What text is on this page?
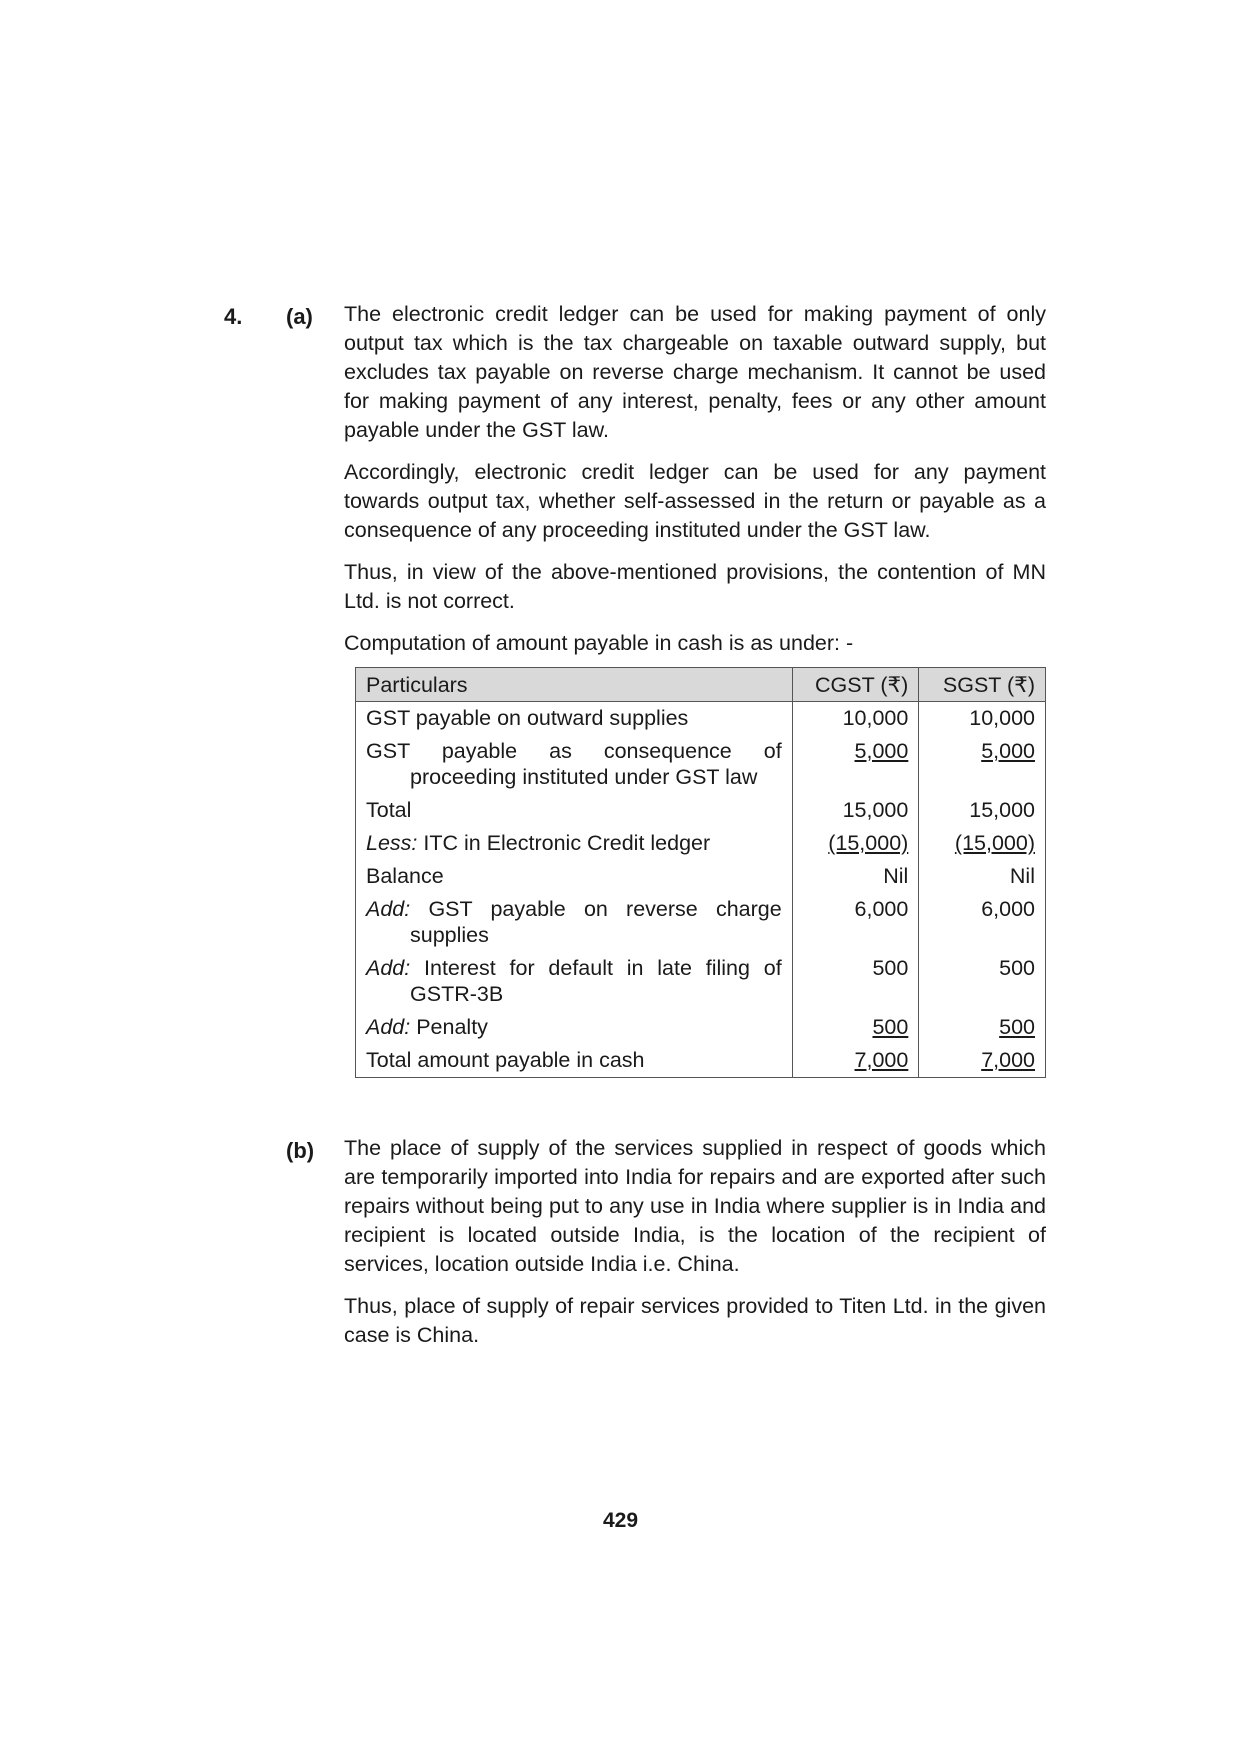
4. (a) The electronic credit ledger can be used for making payment of only output tax which is the tax chargeable on taxable outward supply, but excludes tax payable on reverse charge mechanism. It cannot be used for making payment of any interest, penalty, fees or any other amount payable under the GST law.

Accordingly, electronic credit ledger can be used for any payment towards output tax, whether self-assessed in the return or payable as a consequence of any proceeding instituted under the GST law.

Thus, in view of the above-mentioned provisions, the contention of MN Ltd. is not correct.

Computation of amount payable in cash is as under: -

Particulars	CGST (₹)	SGST (₹)

GST payable on outward supplies	10,000	10,000

GST payable as consequence of proceeding instituted under GST law	5,000	5,000

Total	15,000	15,000

Less: ITC in Electronic Credit ledger	(15,000)	(15,000)

Balance	Nil	Nil

Add: GST payable on reverse charge supplies	6,000	6,000

Add: Interest for default in late filing of GSTR-3B	500	500

Add: Penalty	500	500

Total amount payable in cash	7,000	7,000
(b) The place of supply of the services supplied in respect of goods which are temporarily imported into India for repairs and are exported after such repairs without being put to any use in India where supplier is in India and recipient is located outside India, is the location of the recipient of services, location outside India i.e. China.

Thus, place of supply of repair services provided to Titen Ltd. in the given case is China.

429
